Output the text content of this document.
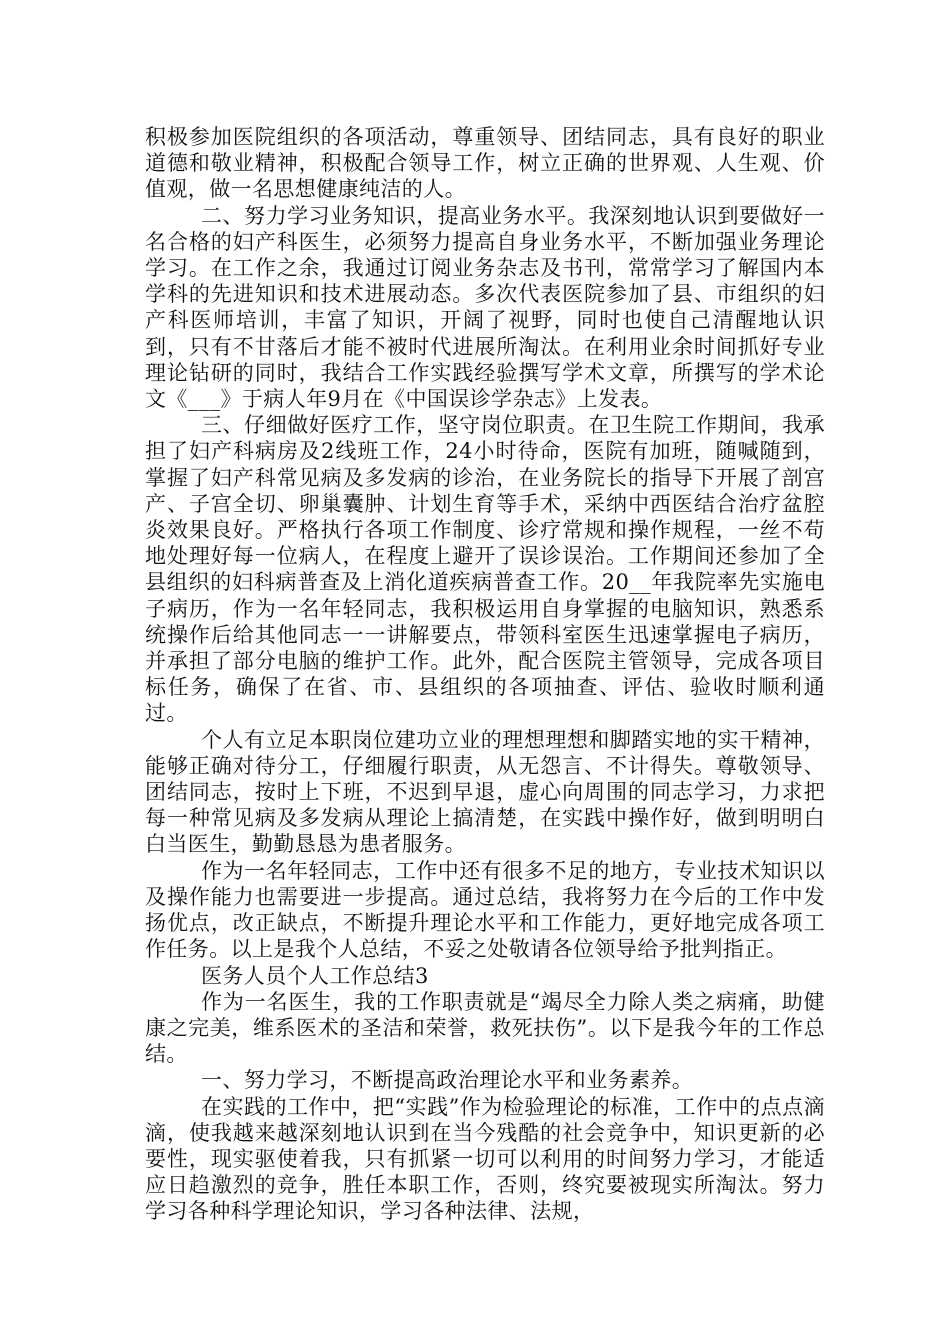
积极参加医院组织的各项活动，尊重领导、团结同志，具有良好的职业道德和敬业精神，积极配合领导工作，树立正确的世界观、人生观、价值观，做一名思想健康纯洁的人。

二、努力学习业务知识，提高业务水平。我深刻地认识到要做好一名合格的妇产科医生，必须努力提高自身业务水平，不断加强业务理论学习。在工作之余，我通过订阅业务杂志及书刊，常常学习了解国内本学科的先进知识和技术进展动态。多次代表医院参加了县、市组织的妇产科医师培训，丰富了知识，开阔了视野，同时也使自己清醒地认识到，只有不甘落后才能不被时代进展所淘汰。在利用业余时间抓好专业理论钻研的同时，我结合工作实践经验撰写学术文章，所撰写的学术论文《___》于病人年9月在《中国误诊学杂志》上发表。

三、仔细做好医疗工作，坚守岗位职责。在卫生院工作期间，我承担了妇产科病房及2线班工作，24小时待命，医院有加班，随喊随到，掌握了妇产科常见病及多发病的诊治，在业务院长的指导下开展了剖宫产、子宫全切、卵巢囊肿、计划生育等手术，采纳中西医结合治疗盆腔炎效果良好。严格执行各项工作制度、诊疗常规和操作规程，一丝不苟地处理好每一位病人，在程度上避开了误诊误治。工作期间还参加了全县组织的妇科病普查及上消化道疾病普查工作。20__年我院率先实施电子病历，作为一名年轻同志，我积极运用自身掌握的电脑知识，熟悉系统操作后给其他同志一一讲解要点，带领科室医生迅速掌握电子病历，并承担了部分电脑的维护工作。此外，配合医院主管领导，完成各项目标任务，确保了在省、市、县组织的各项抽查、评估、验收时顺利通过。

个人有立足本职岗位建功立业的理想理想和脚踏实地的实干精神，能够正确对待分工，仔细履行职责，从无怨言、不计得失。尊敬领导、团结同志，按时上下班，不迟到早退，虚心向周围的同志学习，力求把每一种常见病及多发病从理论上搞清楚，在实践中操作好，做到明明白白当医生，勤勤恳恳为患者服务。

作为一名年轻同志，工作中还有很多不足的地方，专业技术知识以及操作能力也需要进一步提高。通过总结，我将努力在今后的工作中发扬优点，改正缺点，不断提升理论水平和工作能力，更好地完成各项工作任务。以上是我个人总结，不妥之处敬请各位领导给予批判指正。

医务人员个人工作总结3

作为一名医生，我的工作职责就是“竭尽全力除人类之病痛，助健康之完美，维系医术的圣洁和荣誉，救死扶伤”。以下是我今年的工作总结。

一、努力学习，不断提高政治理论水平和业务素养。

在实践的工作中，把“实践”作为检验理论的标准，工作中的点点滴滴，使我越来越深刻地认识到在当今残酷的社会竞争中，知识更新的必要性，现实驱使着我，只有抓紧一切可以利用的时间努力学习，才能适应日趋激烈的竞争，胜任本职工作，否则，终究要被现实所淘汰。努力学习各种科学理论知识，学习各种法律、法规，
